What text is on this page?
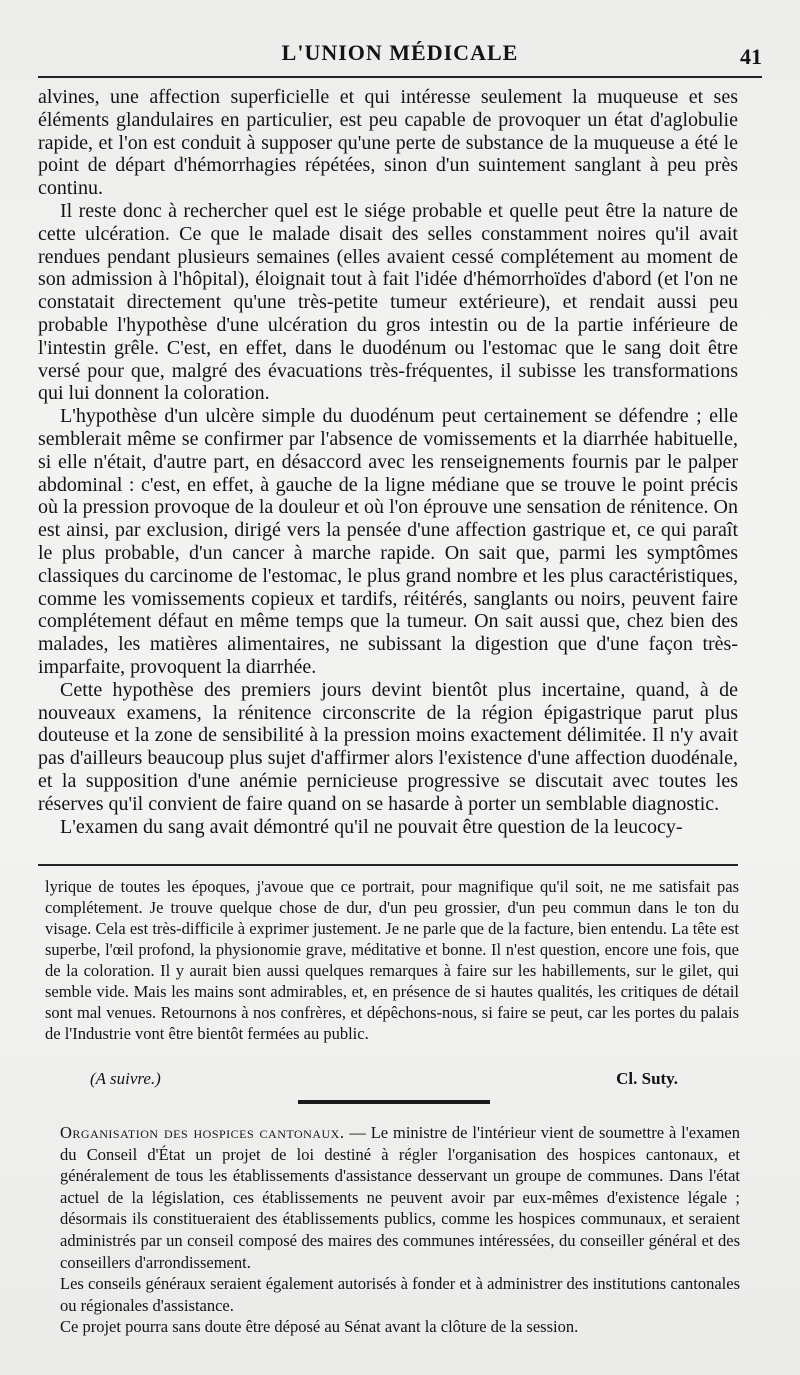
L'UNION MÉDICALE	41

alvines, une affection superficielle et qui intéresse seulement la muqueuse et ses éléments glandulaires en particulier, est peu capable de provoquer un état d'aglobulie rapide, et l'on est conduit à supposer qu'une perte de substance de la muqueuse a été le point de départ d'hémorrhagies répétées, sinon d'un suintement sanglant à peu près continu.

Il reste donc à rechercher quel est le siége probable et quelle peut être la nature de cette ulcération. Ce que le malade disait des selles constamment noires qu'il avait rendues pendant plusieurs semaines (elles avaient cessé complétement au moment de son admission à l'hôpital), éloignait tout à fait l'idée d'hémorrhoïdes d'abord (et l'on ne constatait directement qu'une très-petite tumeur extérieure), et rendait aussi peu probable l'hypothèse d'une ulcération du gros intestin ou de la partie inférieure de l'intestin grêle. C'est, en effet, dans le duodénum ou l'estomac que le sang doit être versé pour que, malgré des évacuations très-fréquentes, il subisse les transformations qui lui donnent la coloration.

L'hypothèse d'un ulcère simple du duodénum peut certainement se défendre ; elle semblerait même se confirmer par l'absence de vomissements et la diarrhée habituelle, si elle n'était, d'autre part, en désaccord avec les renseignements fournis par le palper abdominal : c'est, en effet, à gauche de la ligne médiane que se trouve le point précis où la pression provoque de la douleur et où l'on éprouve une sensation de rénitence. On est ainsi, par exclusion, dirigé vers la pensée d'une affection gastrique et, ce qui paraît le plus probable, d'un cancer à marche rapide. On sait que, parmi les symptômes classiques du carcinome de l'estomac, le plus grand nombre et les plus caractéristiques, comme les vomissements copieux et tardifs, réitérés, sanglants ou noirs, peuvent faire complétement défaut en même temps que la tumeur. On sait aussi que, chez bien des malades, les matières alimentaires, ne subissant la digestion que d'une façon très-imparfaite, provoquent la diarrhée.

Cette hypothèse des premiers jours devint bientôt plus incertaine, quand, à de nouveaux examens, la rénitence circonscrite de la région épigastrique parut plus douteuse et la zone de sensibilité à la pression moins exactement délimitée. Il n'y avait pas d'ailleurs beaucoup plus sujet d'affirmer alors l'existence d'une affection duodénale, et la supposition d'une anémie pernicieuse progressive se discutait avec toutes les réserves qu'il convient de faire quand on se hasarde à porter un semblable diagnostic.

L'examen du sang avait démontré qu'il ne pouvait être question de la leucocy-

lyrique de toutes les époques, j'avoue que ce portrait, pour magnifique qu'il soit, ne me satisfait pas complétement. Je trouve quelque chose de dur, d'un peu grossier, d'un peu commun dans le ton du visage. Cela est très-difficile à exprimer justement. Je ne parle que de la facture, bien entendu. La tête est superbe, l'œil profond, la physionomie grave, méditative et bonne. Il n'est question, encore une fois, que de la coloration. Il y aurait bien aussi quelques remarques à faire sur les habillements, sur le gilet, qui semble vide. Mais les mains sont admirables, et, en présence de si hautes qualités, les critiques de détail sont mal venues. Retournons à nos confrères, et dépêchons-nous, si faire se peut, car les portes du palais de l'Industrie vont être bientôt fermées au public.

(A suivre.)	Cl. Suty.

Organisation des hospices cantonaux. — Le ministre de l'intérieur vient de soumettre à l'examen du Conseil d'État un projet de loi destiné à régler l'organisation des hospices cantonaux, et généralement de tous les établissements d'assistance desservant un groupe de communes. Dans l'état actuel de la législation, ces établissements ne peuvent avoir par eux-mêmes d'existence légale ; désormais ils constitueraient des établissements publics, comme les hospices communaux, et seraient administrés par un conseil composé des maires des communes intéressées, du conseiller général et des conseillers d'arrondissement.

Les conseils généraux seraient également autorisés à fonder et à administrer des institutions cantonales ou régionales d'assistance.

Ce projet pourra sans doute être déposé au Sénat avant la clôture de la session.
